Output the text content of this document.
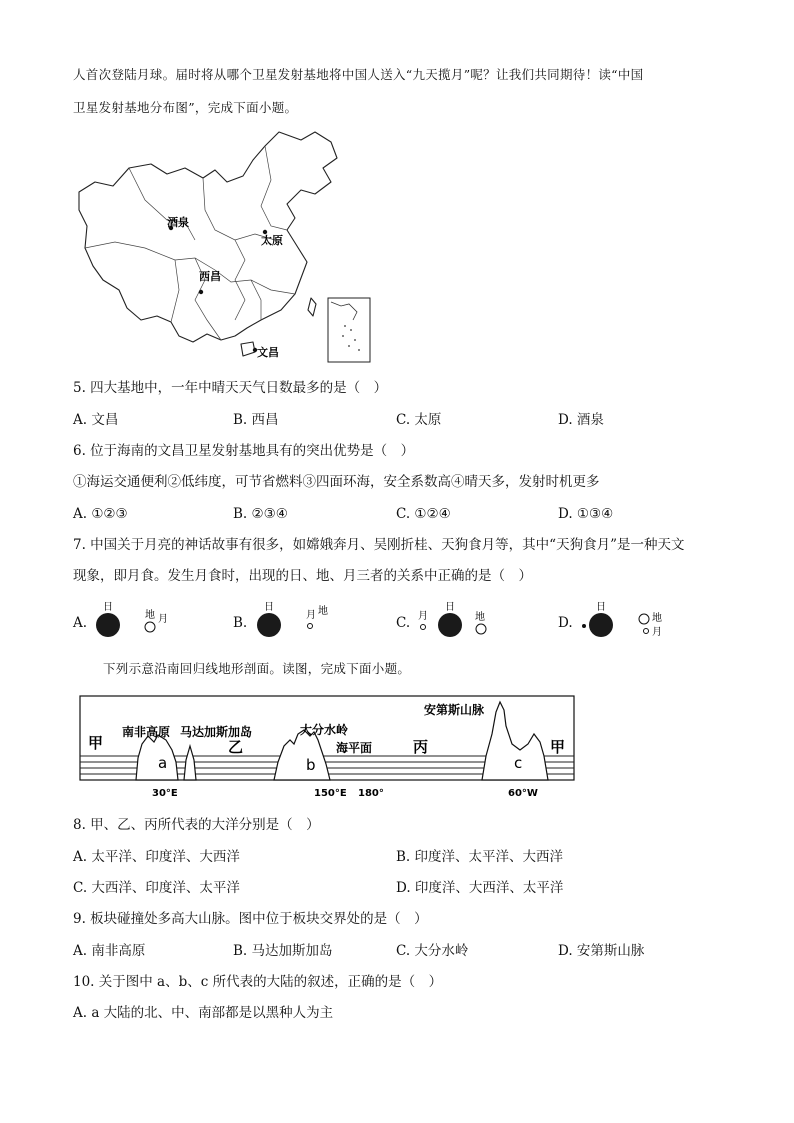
人首次登陆月球。届时将从哪个卫星发射基地将中国人送入“九天揽月”呢？让我们共同期待！读“中国
卫星发射基地分布图”，完成下面小题。
酒泉
太原
西昌
文昌
5. 四大基地中，一年中晴天天气日数最多的是（　）
A. 文昌	B. 西昌	C. 太原	D. 酒泉
6. 位于海南的文昌卫星发射基地具有的突出优势是（　）
①海运交通便利②低纬度，可节省燃料③四面环海，安全系数高④晴天多，发射时机更多
A. ①②③	B. ②③④	C. ①②④	D. ①③④
7. 中国关于月亮的神话故事有很多，如嫦娥奔月、吴刚折桂、天狗食月等，其中“天狗食月”是一种天文
现象，即月食。发生月食时，出现的日、地、月三者的关系中正确的是（　）
A.
日
地 月	B.
日
月 地
C. 月
日
地	D.
日
地
月
下列示意沿南回归线地形剖面。读图，完成下面小题。
甲	乙	丙	甲
南非高原 马达加斯加岛	大分水岭
海平面
安第斯山脉
a	b	c
30°E	150°E 180°	60°W
8. 甲、乙、丙所代表的大洋分别是（　）
A. 太平洋、印度洋、大西洋	B. 印度洋、太平洋、大西洋
C. 大西洋、印度洋、太平洋	D. 印度洋、大西洋、太平洋
9. 板块碰撞处多高大山脉。图中位于板块交界处的是（　）
A. 南非高原	B. 马达加斯加岛	C. 大分水岭	D. 安第斯山脉
10. 关于图中 a、b、c 所代表的大陆的叙述，正确的是（　）
A. a 大陆的北、中、南部都是以黑种人为主
